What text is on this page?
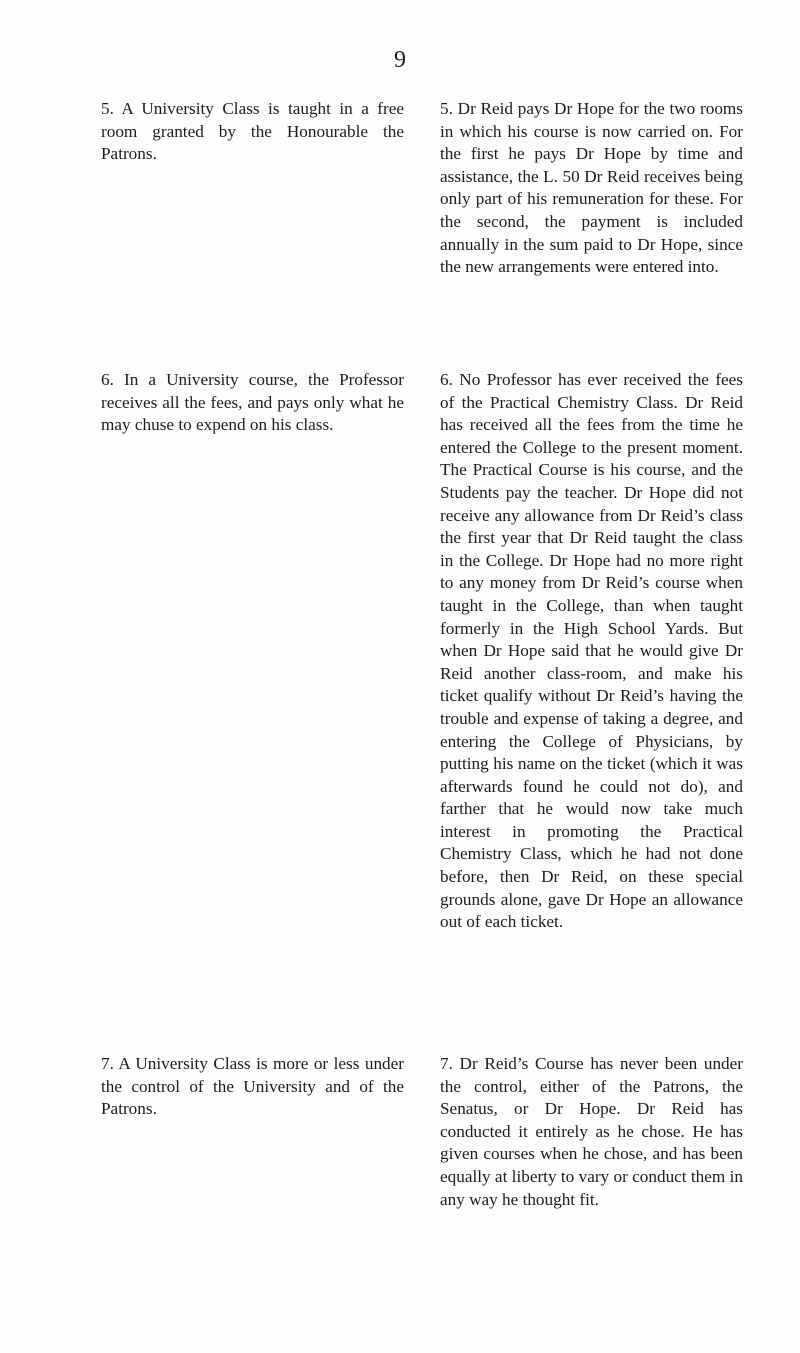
9

5. A University Class is taught in a free room granted by the Honourable the Patrons.

5. Dr Reid pays Dr Hope for the two rooms in which his course is now carried on. For the first he pays Dr Hope by time and assistance, the L. 50 Dr Reid receives being only part of his remuneration for these. For the second, the payment is included annually in the sum paid to Dr Hope, since the new arrangements were entered into.

6. In a University course, the Professor receives all the fees, and pays only what he may chuse to expend on his class.

6. No Professor has ever received the fees of the Practical Chemistry Class. Dr Reid has received all the fees from the time he entered the College to the present moment. The Practical Course is his course, and the Students pay the teacher. Dr Hope did not receive any allowance from Dr Reid’s class the first year that Dr Reid taught the class in the College. Dr Hope had no more right to any money from Dr Reid’s course when taught in the College, than when taught formerly in the High School Yards. But when Dr Hope said that he would give Dr Reid another class-room, and make his ticket qualify without Dr Reid’s having the trouble and expense of taking a degree, and entering the College of Physicians, by putting his name on the ticket (which it was afterwards found he could not do), and farther that he would now take much interest in promoting the Practical Chemistry Class, which he had not done before, then Dr Reid, on these special grounds alone, gave Dr Hope an allowance out of each ticket.

7. A University Class is more or less under the control of the University and of the Patrons.

7. Dr Reid’s Course has never been under the control, either of the Patrons, the Senatus, or Dr Hope. Dr Reid has conducted it entirely as he chose. He has given courses when he chose, and has been equally at liberty to vary or conduct them in any way he thought fit.
